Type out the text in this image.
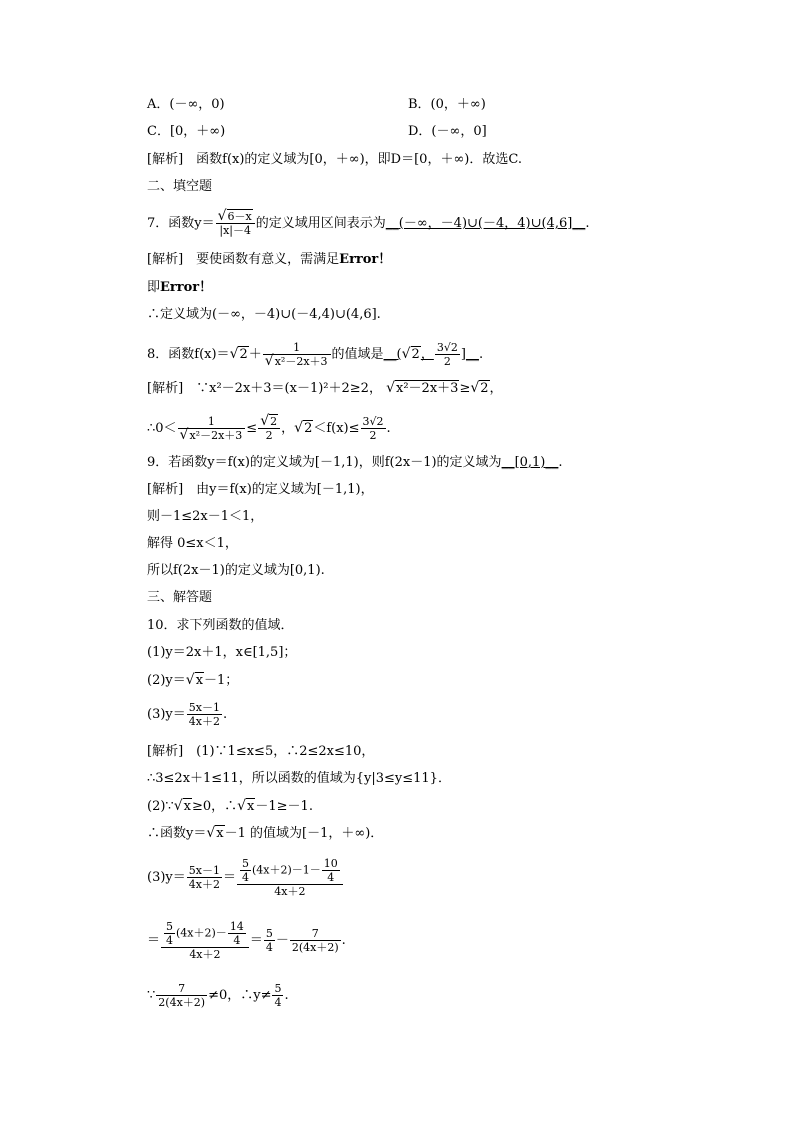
A．(－∞，0)	B．(0，＋∞)
C．[0，＋∞)	D．(－∞，0]
[解析]　函数f(x)的定义域为[0，＋∞)，即D＝[0，＋∞)．故选C.
二、填空题
7．函数$y= \frac{√6-x}{|x|-4}$ 的定义域用区间表示为__(－∞，－4)∪(－4，4)∪(4,6]__.
[解析]　要使函数有意义，需满足Error！
即Error！
∴定义域为(－∞，－4)∪(－4,4)∪(4,6].
8．函数$f(x)=√2+ \frac{1}{\text{√x²－2x＋3}}$ 的值域是__(√2， $\frac{3√2}{2}$ ]__.
[解析]　∵x²－2x＋3＝(x－1)²＋2≥2， √x²－2x＋3≥√2，
∴0＜ $\frac{1}{\text{√x²－2x＋3}} \le \frac{√2}{2}$ ，$√2<f(x)\le \frac{3√2}{2}$ .
9．若函数y＝f(x)的定义域为[－1,1)，则f(2x－1)的定义域为__[0,1)__.
[解析]　由y＝f(x)的定义域为[－1,1)，
则－1≤2x－1＜1，
解得 0≤x＜1，
所以f(2x－1)的定义域为[0,1).
三、解答题
10．求下列函数的值域．
(1)y＝2x＋1，x∈[1,5]；
(2)y＝√x－1；
$(3)y= \frac{5x-1}{4x+2}$ .
[解析]　(1)∵1≤x≤5，∴2≤2x≤10，
∴3≤2x＋1≤11，所以函数的值域为{y|3≤y≤11}．
(2)∵√x≥0，∴√x－1≥－1.
∴函数y＝√x－1 的值域为[－1，＋∞)．
$(3)y= \frac{5x-1}{4x+2} = \frac{\frac{5}{4} (4x+2)-1- \frac{10}{4}}{4x+2}$
＝ $\frac{\frac{5}{4} (4x+2)- \frac{14}{4}}{4x+2} = \frac{5}{4} - \frac{7}{2(4x+2)}$ .
∵ $\frac{7}{2(4x+2)} \ne 0$，∴y≠ $\frac{5}{4}$ .
